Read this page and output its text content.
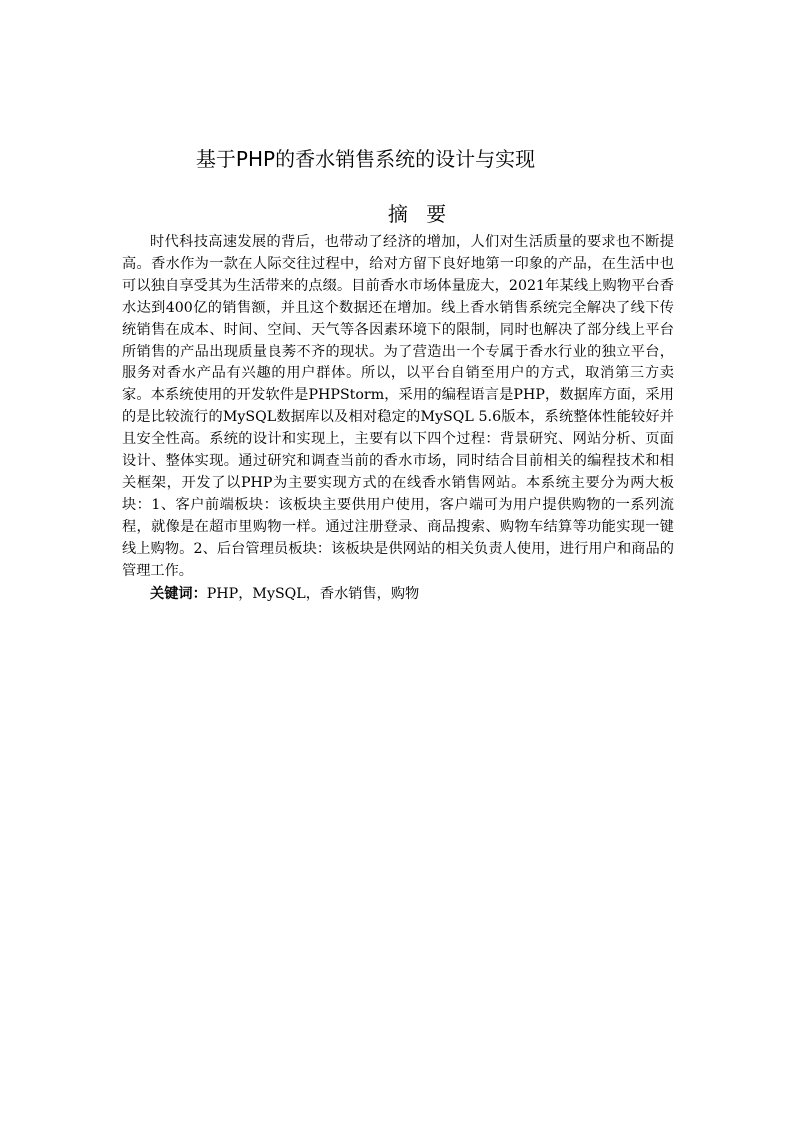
基于PHP的香水销售系统的设计与实现
摘 要

时代科技高速发展的背后，也带动了经济的增加，人们对生活质量的要求也不断提高。香水作为一款在人际交往过程中，给对方留下良好地第一印象的产品，在生活中也可以独自享受其为生活带来的点缀。目前香水市场体量庞大，2021年某线上购物平台香水达到400亿的销售额，并且这个数据还在增加。线上香水销售系统完全解决了线下传统销售在成本、时间、空间、天气等各因素环境下的限制，同时也解决了部分线上平台所销售的产品出现质量良莠不齐的现状。为了营造出一个专属于香水行业的独立平台，服务对香水产品有兴趣的用户群体。所以，以平台自销至用户的方式，取消第三方卖家。本系统使用的开发软件是PHPStorm，采用的编程语言是PHP，数据库方面，采用的是比较流行的MySQL数据库以及相对稳定的MySQL 5.6版本，系统整体性能较好并且安全性高。系统的设计和实现上，主要有以下四个过程：背景研究、网站分析、页面设计、整体实现。通过研究和调查当前的香水市场，同时结合目前相关的编程技术和相关框架，开发了以PHP为主要实现方式的在线香水销售网站。本系统主要分为两大板块：1、客户前端板块：该板块主要供用户使用，客户端可为用户提供购物的一系列流程，就像是在超市里购物一样。通过注册登录、商品搜索、购物车结算等功能实现一键线上购物。2、后台管理员板块：该板块是供网站的相关负责人使用，进行用户和商品的管理工作。

关键词：PHP，MySQL，香水销售，购物
